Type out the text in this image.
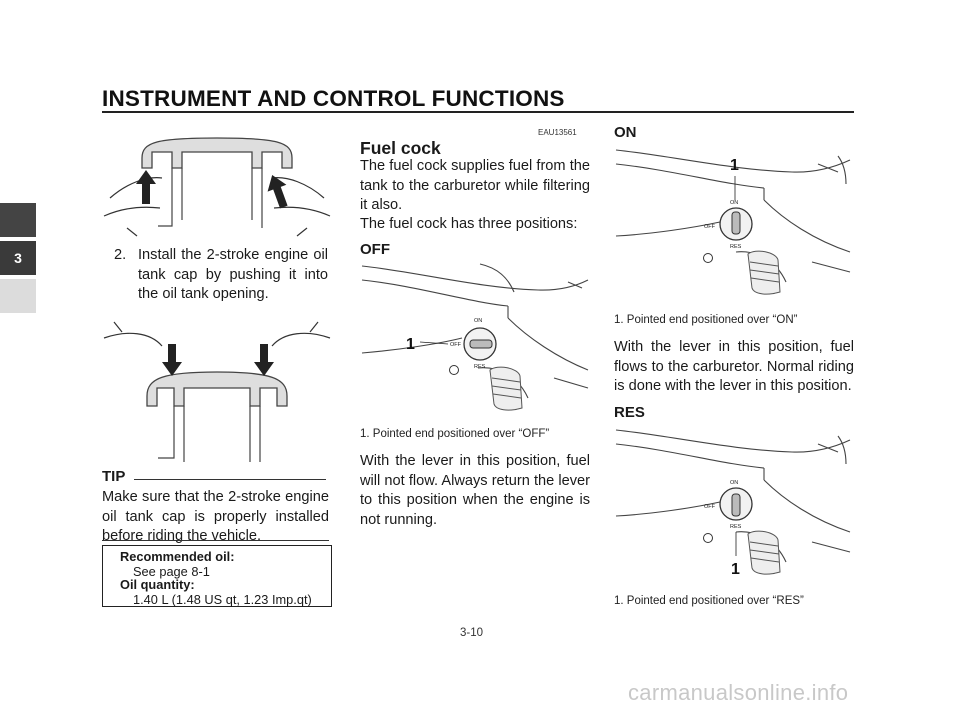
INSTRUMENT AND CONTROL FUNCTIONS
3	2. Install the 2-stroke engine oil tank cap by pushing it into the oil tank opening.
TIP
Make sure that the 2-stroke engine oil tank cap is properly installed before riding the vehicle.
Recommended oil:
See page 8-1
Oil quantity:
1.40 L (1.48 US qt, 1.23 Imp.qt)
EAU13561
Fuel cock
The fuel cock supplies fuel from the tank to the carburetor while filtering it also.
The fuel cock has three positions:
OFF
ON
OFF
RES
1
1. Pointed end positioned over “OFF”
With the lever in this position, fuel will not flow. Always return the lever to this position when the engine is not running.
ON
ON
OFF
RES
1
1. Pointed end positioned over “ON”
With the lever in this position, fuel flows to the carburetor. Normal riding is done with the lever in this position.
RES
ON
OFF
RES
1
1. Pointed end positioned over “RES”
3-10
carmanualsonline.info
